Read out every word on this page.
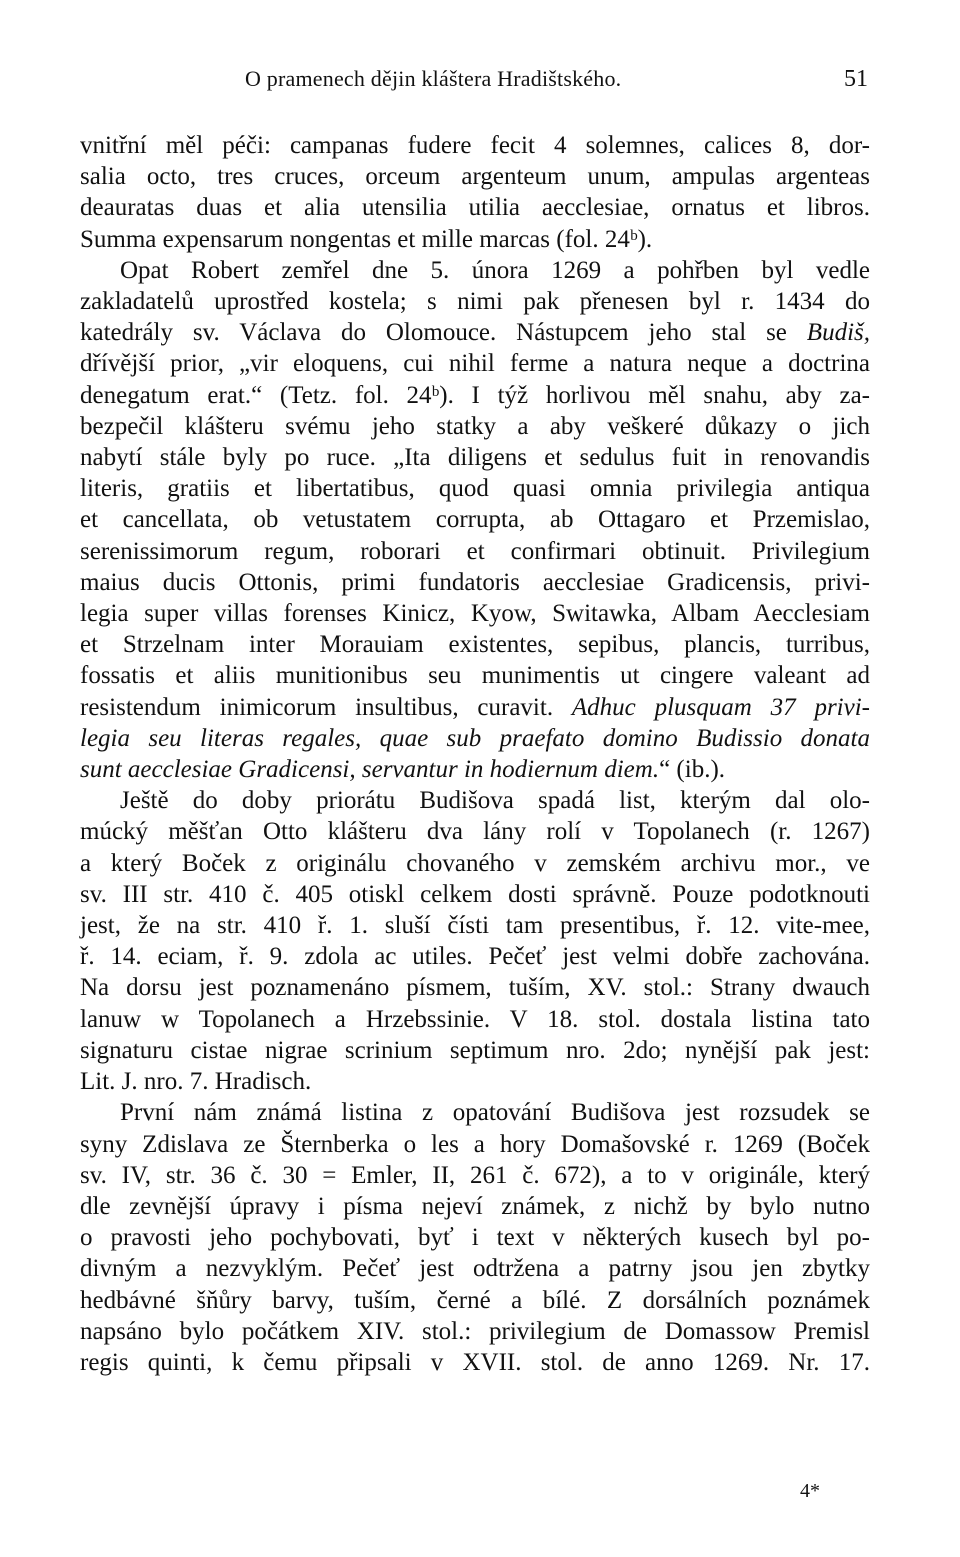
O pramenech dějin kláštera Hradištského.	51
vnitřní měl péči: campanas fudere fecit 4 solemnes, calices 8, dor-
salia octo, tres cruces, orceum argenteum unum, ampulas argenteas
deauratas duas et alia utensilia utilia aecclesiae, ornatus et libros.
Summa expensarum nongentas et mille marcas (fol. 24ᵇ).
Opat Robert zemřel dne 5. února 1269 a pohřben byl vedle
zakladatelů uprostřed kostela; s nimi pak přenesen byl r. 1434 do
katedrály sv. Václava do Olomouce. Nástupcem jeho stal se Budiš,
dřívější prior, „vir eloquens, cui nihil ferme a natura neque a doctrina
denegatum erat.“ (Tetz. fol. 24ᵇ). I týž horlivou měl snahu, aby za-
bezpečil klášteru svému jeho statky a aby veškeré důkazy o jich
nabytí stále byly po ruce. „Ita diligens et sedulus fuit in renovandis
literis, gratiis et libertatibus, quod quasi omnia privilegia antiqua
et cancellata, ob vetustatem corrupta, ab Ottagaro et Przemislao,
serenissimorum regum, roborari et confirmari obtinuit. Privilegium
maius ducis Ottonis, primi fundatoris aecclesiae Gradicensis, privi-
legia super villas forenses Kinicz, Kyow, Switawka, Albam Aecclesiam
et Strzelnam inter Morauiam existentes, sepibus, plancis, turribus,
fossatis et aliis munitionibus seu munimentis ut cingere valeant ad
resistendum inimicorum insultibus, curavit. Adhuc plusquam 37 privi-
legia seu literas regales, quae sub praefato domino Budissio donata
sunt aecclesiae Gradicensi, servantur in hodiernum diem.“ (ib.).
Ještě do doby priorátu Budišova spadá list, kterým dal olo-
múcký měšťan Otto klášteru dva lány rolí v Topolanech (r. 1267)
a který Boček z originálu chovaného v zemském archivu mor., ve
sv. III str. 410 č. 405 otiskl celkem dosti správně. Pouze podotknouti
jest, že na str. 410 ř. 1. sluší čísti tam presentibus, ř. 12. vite-mee,
ř. 14. eciam, ř. 9. zdola ac utiles. Pečeť jest velmi dobře zachována.
Na dorsu jest poznamenáno písmem, tuším, XV. stol.: Strany dwauch
lanuw w Topolanech a Hrzebssinie. V 18. stol. dostala listina tato
signaturu cistae nigrae scrinium septimum nro. 2do; nynější pak jest:
Lit. J. nro. 7. Hradisch.
První nám známá listina z opatování Budišova jest rozsudek se
syny Zdislava ze Šternberka o les a hory Domašovské r. 1269 (Boček
sv. IV, str. 36 č. 30 = Emler, II, 261 č. 672), a to v originále, který
dle zevnější úpravy i písma nejeví známek, z nichž by bylo nutno
o pravosti jeho pochybovati, byť i text v některých kusech byl po-
divným a nezvyklým. Pečeť jest odtržena a patrny jsou jen zbytky
hedbávné šňůry barvy, tuším, černé a bílé. Z dorsálních poznámek
napsáno bylo počátkem XIV. stol.: privilegium de Domassow Premisl
regis quinti, k čemu připsali v XVII. stol. de anno 1269. Nr. 17.
4*
